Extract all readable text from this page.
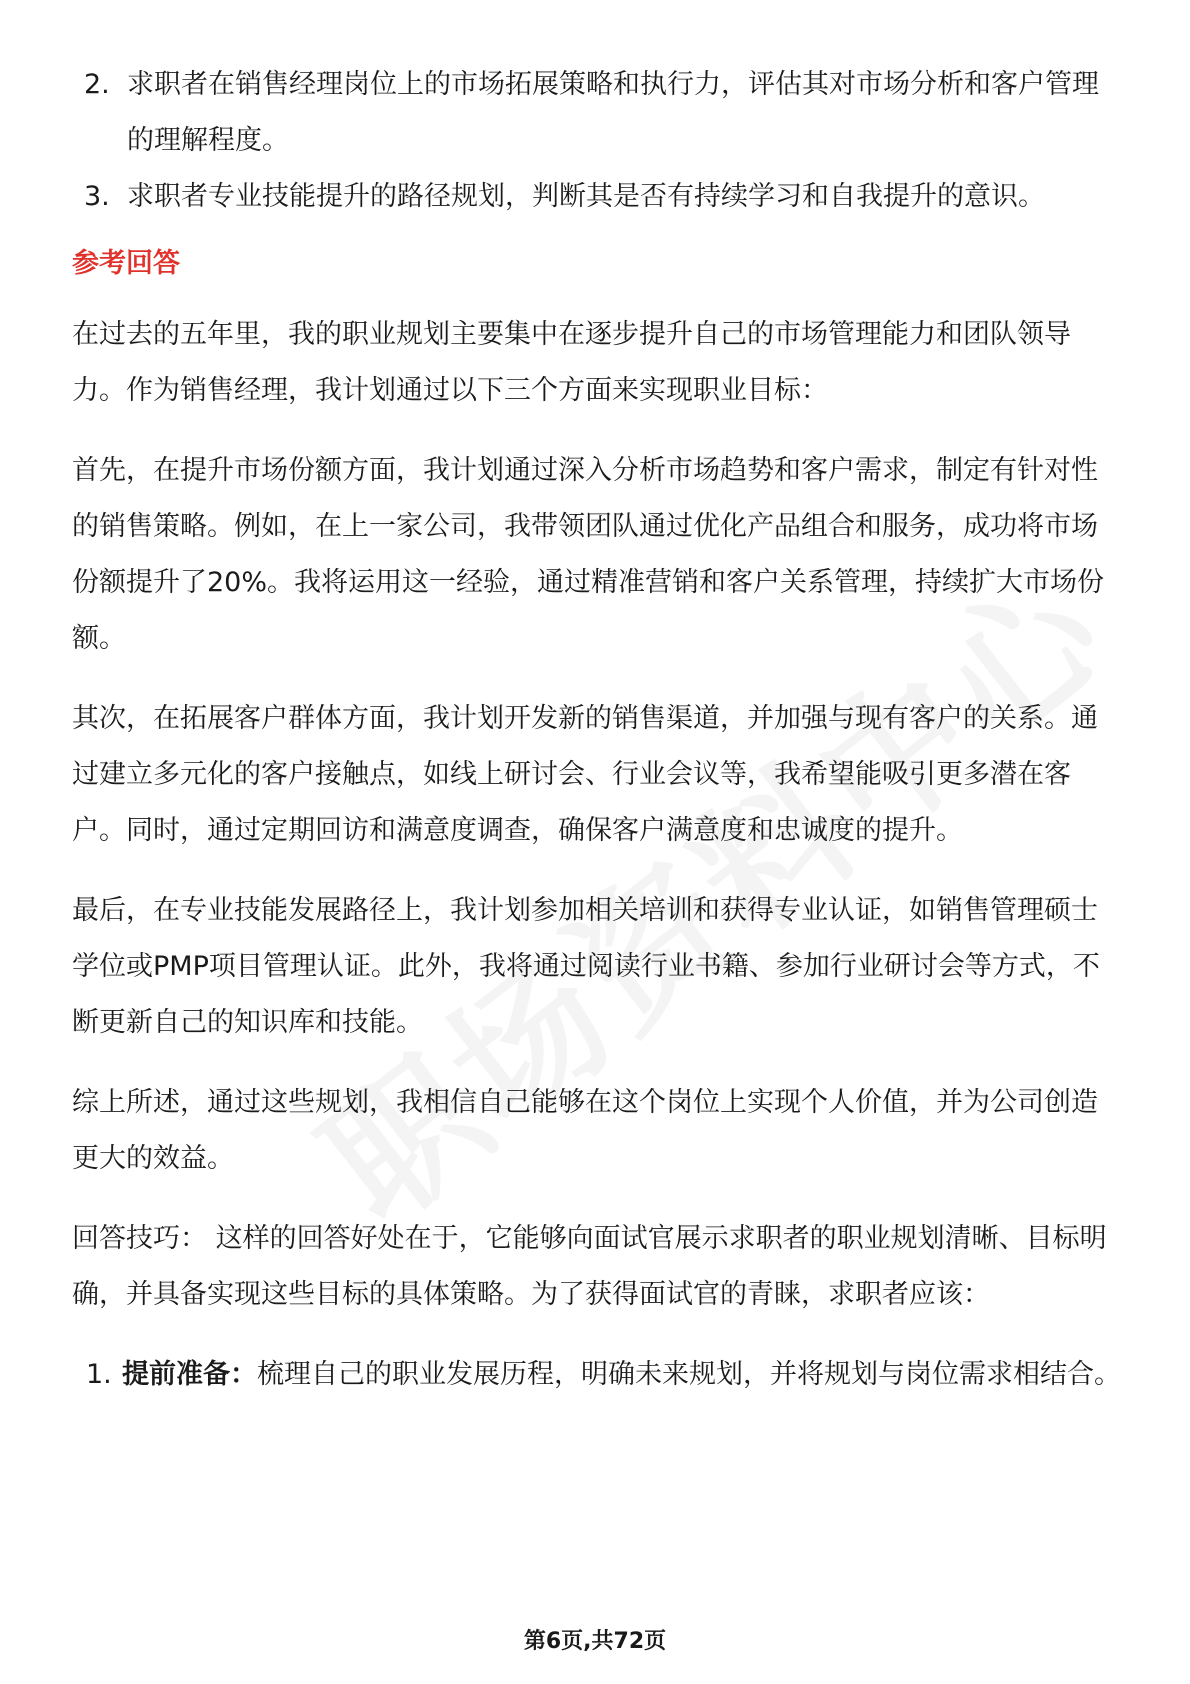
2. 求职者在销售经理岗位上的市场拓展策略和执行力，评估其对市场分析和客户管理的理解程度。
3. 求职者专业技能提升的路径规划，判断其是否有持续学习和自我提升的意识。
参考回答

在过去的五年里，我的职业规划主要集中在逐步提升自己的市场管理能力和团队领导力。作为销售经理，我计划通过以下三个方面来实现职业目标：

首先，在提升市场份额方面，我计划通过深入分析市场趋势和客户需求，制定有针对性的销售策略。例如，在上一家公司，我带领团队通过优化产品组合和服务，成功将市场份额提升了20%。我将运用这一经验，通过精准营销和客户关系管理，持续扩大市场份额。

其次，在拓展客户群体方面，我计划开发新的销售渠道，并加强与现有客户的关系。通过建立多元化的客户接触点，如线上研讨会、行业会议等，我希望能吸引更多潜在客户。同时，通过定期回访和满意度调查，确保客户满意度和忠诚度的提升。

最后，在专业技能发展路径上，我计划参加相关培训和获得专业认证，如销售管理硕士学位或PMP项目管理认证。此外，我将通过阅读行业书籍、参加行业研讨会等方式，不断更新自己的知识库和技能。

综上所述，通过这些规划，我相信自己能够在这个岗位上实现个人价值，并为公司创造更大的效益。

回答技巧： 这样的回答好处在于，它能够向面试官展示求职者的职业规划清晰、目标明确，并具备实现这些目标的具体策略。为了获得面试官的青睐，求职者应该：

1. 提前准备：梳理自己的职业发展历程，明确未来规划，并将规划与岗位需求相结合。
第6页,共72页
